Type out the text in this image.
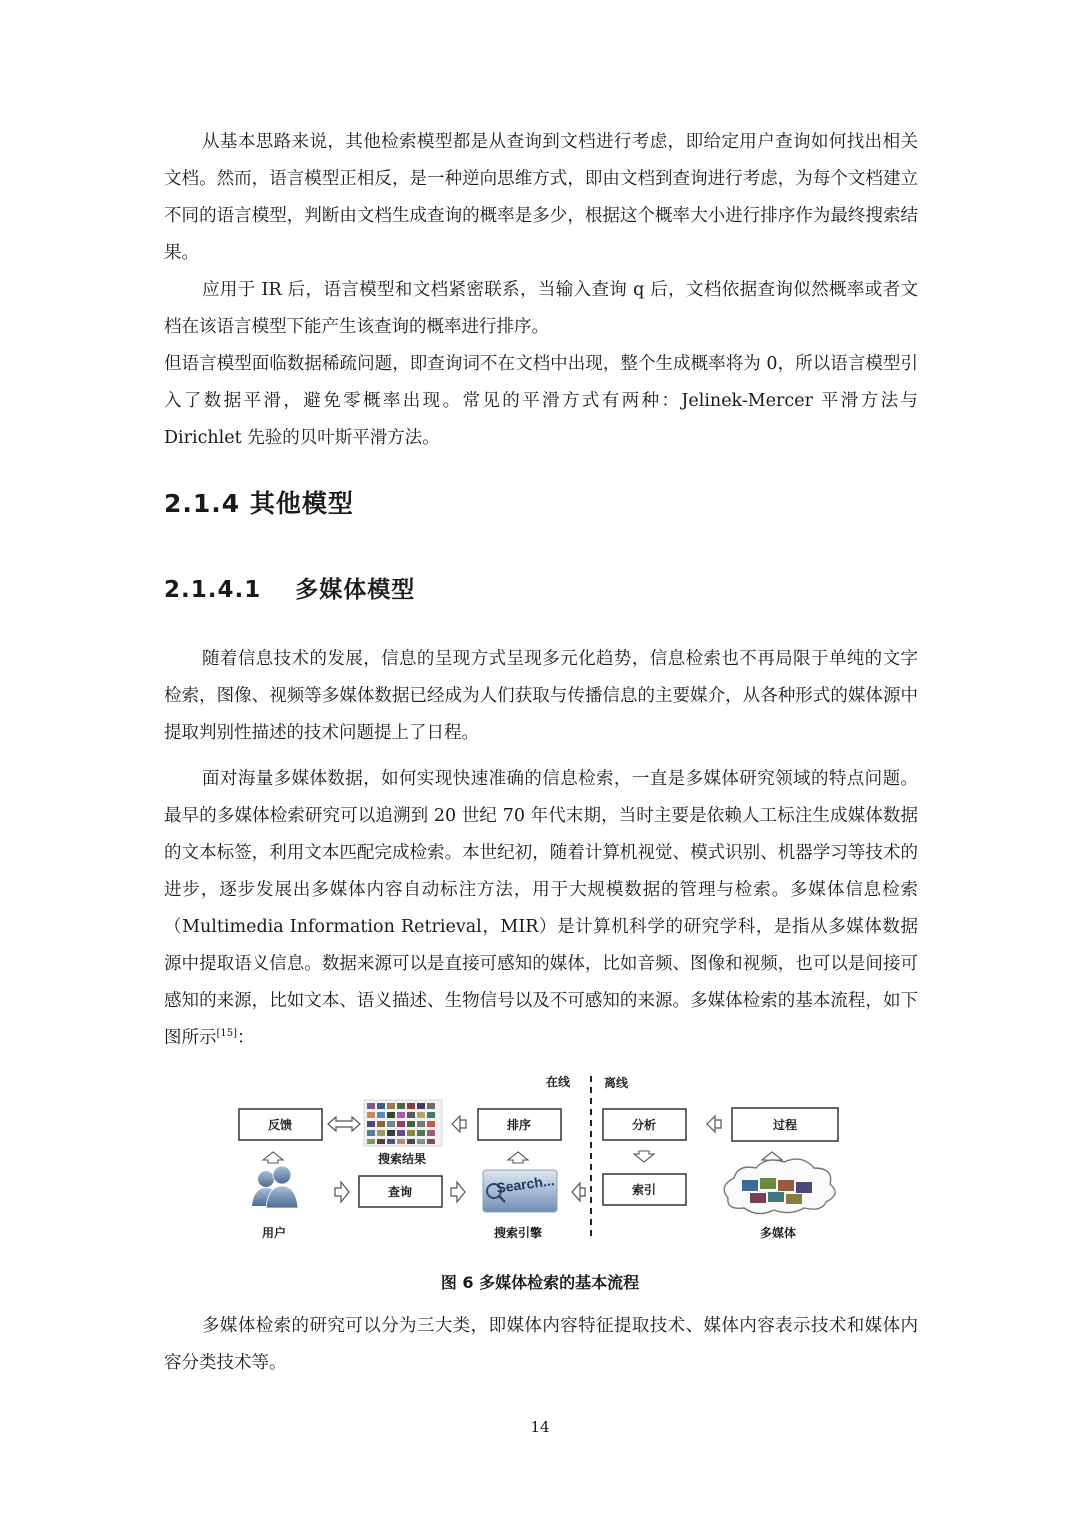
从基本思路来说，其他检索模型都是从查询到文档进行考虑，即给定用户查询如何找出相关文档。然而，语言模型正相反，是一种逆向思维方式，即由文档到查询进行考虑，为每个文档建立不同的语言模型，判断由文档生成查询的概率是多少，根据这个概率大小进行排序作为最终搜索结果。

应用于 IR 后，语言模型和文档紧密联系，当输入查询 q 后，文档依据查询似然概率或者文档在该语言模型下能产生该查询的概率进行排序。

但语言模型面临数据稀疏问题，即查询词不在文档中出现，整个生成概率将为 0，所以语言模型引入了数据平滑，避免零概率出现。常见的平滑方式有两种：Jelinek-Mercer 平滑方法与 Dirichlet 先验的贝叶斯平滑方法。

2.1.4 其他模型
2.1.4.1 多媒体模型

随着信息技术的发展，信息的呈现方式呈现多元化趋势，信息检索也不再局限于单纯的文字检索，图像、视频等多媒体数据已经成为人们获取与传播信息的主要媒介，从各种形式的媒体源中提取判别性描述的技术问题提上了日程。

面对海量多媒体数据，如何实现快速准确的信息检索，一直是多媒体研究领域的特点问题。最早的多媒体检索研究可以追溯到 20 世纪 70 年代末期，当时主要是依赖人工标注生成媒体数据的文本标签，利用文本匹配完成检索。本世纪初，随着计算机视觉、模式识别、机器学习等技术的进步，逐步发展出多媒体内容自动标注方法，用于大规模数据的管理与检索。多媒体信息检索（Multimedia Information Retrieval，MIR）是计算机科学的研究学科，是指从多媒体数据源中提取语义信息。数据来源可以是直接可感知的媒体，比如音频、图像和视频，也可以是间接可感知的来源，比如文本、语义描述、生物信号以及不可感知的来源。多媒体检索的基本流程，如下图所示[15]：

在线	离线
反馈
搜索结果
排序	分析	过程
用户
查询	Search...
搜索引擎
索引
多媒体
图 6 多媒体检索的基本流程

多媒体检索的研究可以分为三大类，即媒体内容特征提取技术、媒体内容表示技术和媒体内容分类技术等。

14
